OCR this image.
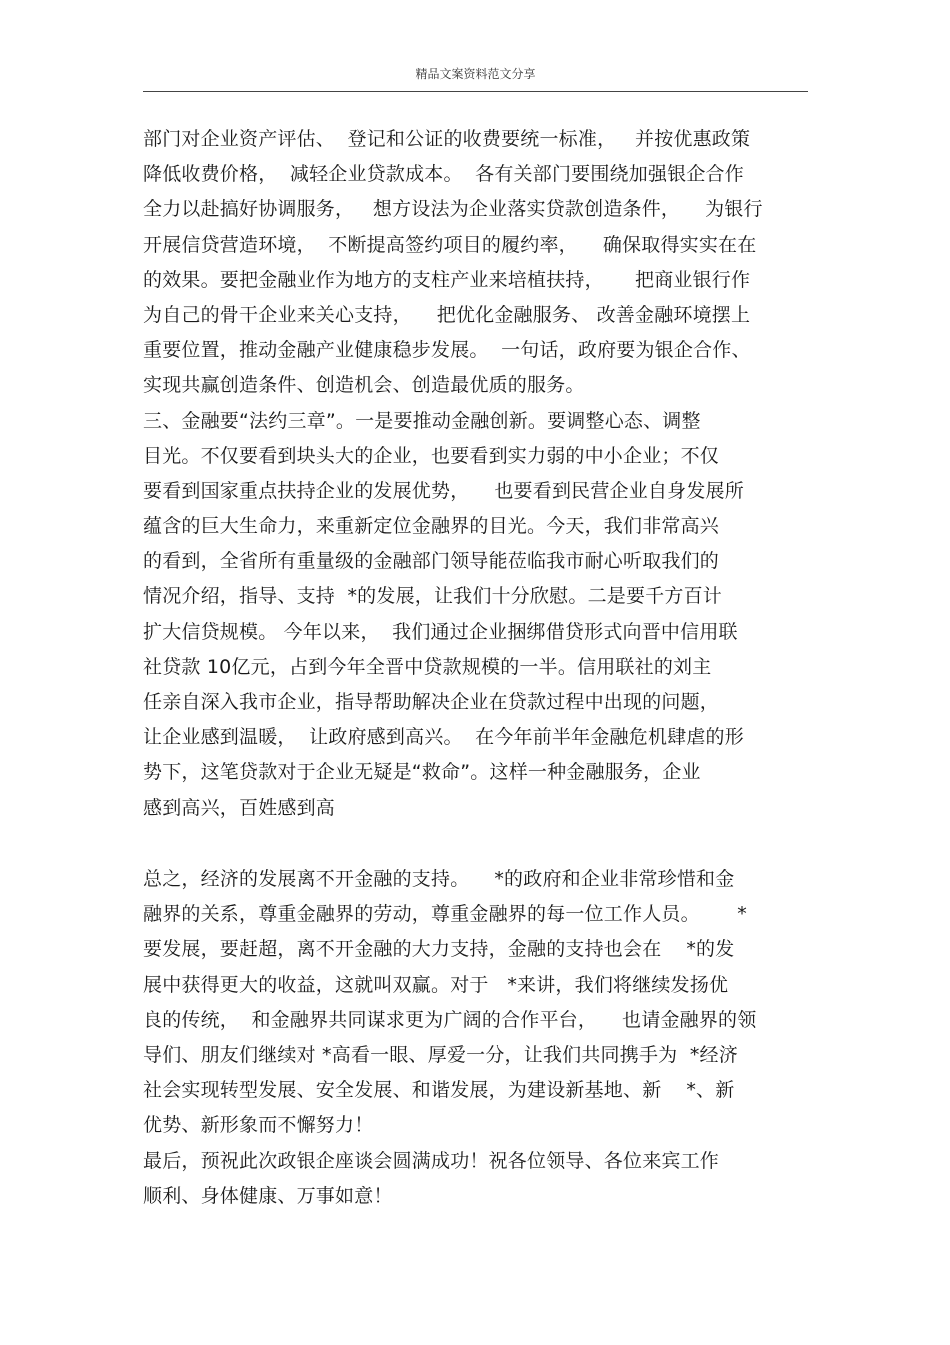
精品文案资料范文分享
部门对企业资产评估、  登记和公证的收费要统一标准，   并按优惠政策
降低收费价格，  减轻企业贷款成本。  各有关部门要围绕加强银企合作
全力以赴搞好协调服务，   想方设法为企业落实贷款创造条件，    为银行
开展信贷营造环境，  不断提高签约项目的履约率，    确保取得实实在在
的效果。要把金融业作为地方的支柱产业来培植扶持，     把商业银行作
为自己的骨干企业来关心支持，    把优化金融服务、 改善金融环境摆上
重要位置，推动金融产业健康稳步发展。  一句话，政府要为银企合作、
实现共赢创造条件、创造机会、创造最优质的服务。
三、金融要“法约三章”。一是要推动金融创新。要调整心态、调整
目光。不仅要看到块头大的企业，也要看到实力弱的中小企业；不仅
要看到国家重点扶持企业的发展优势，    也要看到民营企业自身发展所
蕴含的巨大生命力，来重新定位金融界的目光。今天，我们非常高兴
的看到，全省所有重量级的金融部门领导能莅临我市耐心听取我们的
情况介绍，指导、支持  *的发展，让我们十分欣慰。二是要千方百计
扩大信贷规模。 今年以来，  我们通过企业捆绑借贷形式向晋中信用联
社贷款 10亿元，占到今年全晋中贷款规模的一半。信用联社的刘主
任亲自深入我市企业，指导帮助解决企业在贷款过程中出现的问题，
让企业感到温暖，  让政府感到高兴。  在今年前半年金融危机肆虐的形
势下，这笔贷款对于企业无疑是“救命”。这样一种金融服务，企业
感到高兴，百姓感到高
总之，经济的发展离不开金融的支持。    *的政府和企业非常珍惜和金
融界的关系，尊重金融界的劳动，尊重金融界的每一位工作人员。      *
要发展，要赶超，离不开金融的大力支持，金融的支持也会在    *的发
展中获得更大的收益，这就叫双赢。对于   *来讲，我们将继续发扬优
良的传统，  和金融界共同谋求更为广阔的合作平台，    也请金融界的领
导们、朋友们继续对 *高看一眼、厚爱一分，让我们共同携手为  *经济
社会实现转型发展、安全发展、和谐发展，为建设新基地、新    *、新
优势、新形象而不懈努力！
最后，预祝此次政银企座谈会圆满成功！祝各位领导、各位来宾工作
顺利、身体健康、万事如意！
